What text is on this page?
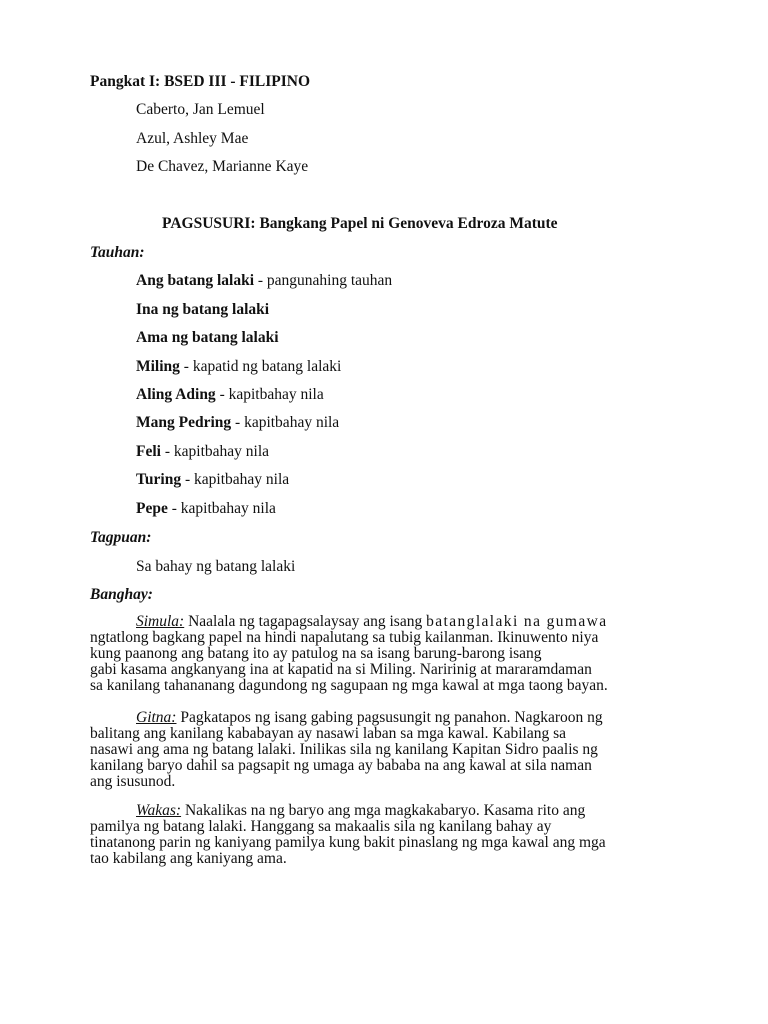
Pangkat I: BSED III - FILIPINO
Caberto, Jan Lemuel
Azul, Ashley Mae
De Chavez, Marianne Kaye
PAGSUSURI: Bangkang Papel ni Genoveva Edroza Matute
Tauhan:
Ang batang lalaki - pangunahing tauhan
Ina ng batang lalaki
Ama ng batang lalaki
Miling - kapatid ng batang lalaki
Aling Ading - kapitbahay nila
Mang Pedring - kapitbahay nila
Feli - kapitbahay nila
Turing - kapitbahay nila
Pepe - kapitbahay nila
Tagpuan:
Sa bahay ng batang lalaki
Banghay:
Simula: Naalala ng tagapagsalaysay ang isang batanglalaki na gumawa
ngtatlong bagkang papel na hindi napalutang sa tubig kailanman. Ikinuwento niya
kung paanong ang batang ito ay patulog na sa isang barung-barong isang
gabi kasama angkanyang ina at kapatid na si Miling. Naririnig at mararamdaman
sa kanilang tahananang dagundong ng sagupaan ng mga kawal at mga taong bayan.
Gitna: Pagkatapos ng isang gabing pagsusungit ng panahon. Nagkaroon ng
balitang ang kanilang kababayan ay nasawi laban sa mga kawal. Kabilang sa
nasawi ang ama ng batang lalaki. Inilikas sila ng kanilang Kapitan Sidro paalis ng
kanilang baryo dahil sa pagsapit ng umaga ay bababa na ang kawal at sila naman
ang isusunod.
Wakas: Nakalikas na ng baryo ang mga magkakabaryo. Kasama rito ang
pamilya ng batang lalaki. Hanggang sa makaalis sila ng kanilang bahay ay
tinatanong parin ng kaniyang pamilya kung bakit pinaslang ng mga kawal ang mga
tao kabilang ang kaniyang ama.
